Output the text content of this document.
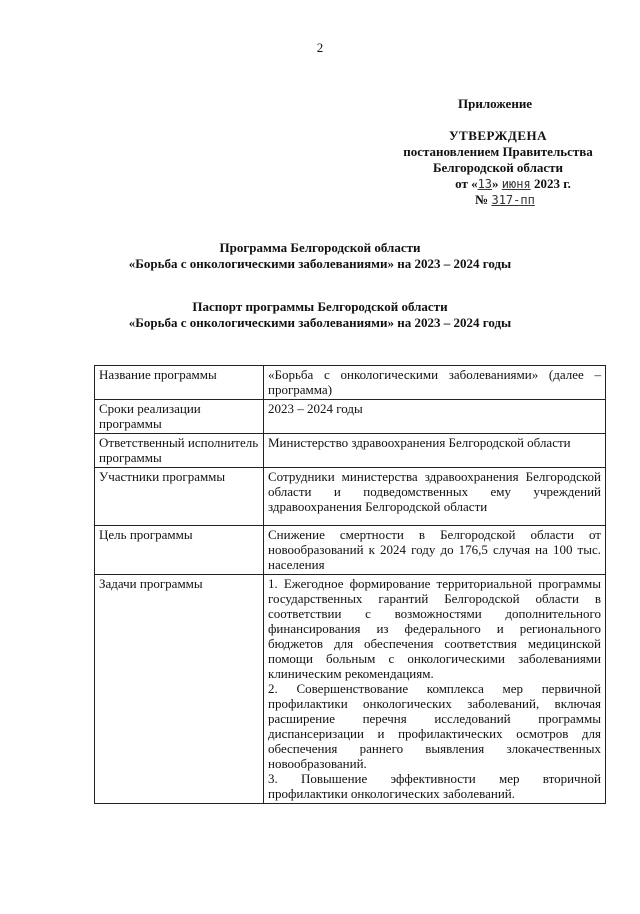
2
Приложение
УТВЕРЖДЕНА
постановлением Правительства
Белгородской области
от «13» июня 2023 г.
№ 317-пп
Программа Белгородской области
«Борьба с онкологическими заболеваниями» на 2023 – 2024 годы
Паспорт программы Белгородской области
«Борьба с онкологическими заболеваниями» на 2023 – 2024 годы
Название программы	«Борьба с онкологическими заболеваниями» (далее – программа)

Сроки реализации программы	2023 – 2024 годы

Ответственный исполнитель программы	Министерство здравоохранения Белгородской области

Участники программы	Сотрудники министерства здравоохранения Белгородской области и подведомственных ему учреждений здравоохранения Белгородской области

Цель программы	Снижение смертности в Белгородской области от новообразований к 2024 году до 176,5 случая на 100 тыс. населения

Задачи программы	1. Ежегодное формирование территориальной программы государственных гарантий Белгородской области в соответствии с возможностями дополнительного финансирования из федерального и регионального бюджетов для обеспечения соответствия медицинской помощи больным с онкологическими заболеваниями клиническим рекомендациям.
2. Совершенствование комплекса мер первичной профилактики онкологических заболеваний, включая расширение перечня исследований программы диспансеризации и профилактических осмотров для обеспечения раннего выявления злокачественных новообразований.
3. Повышение эффективности мер вторичной профилактики онкологических заболеваний.
